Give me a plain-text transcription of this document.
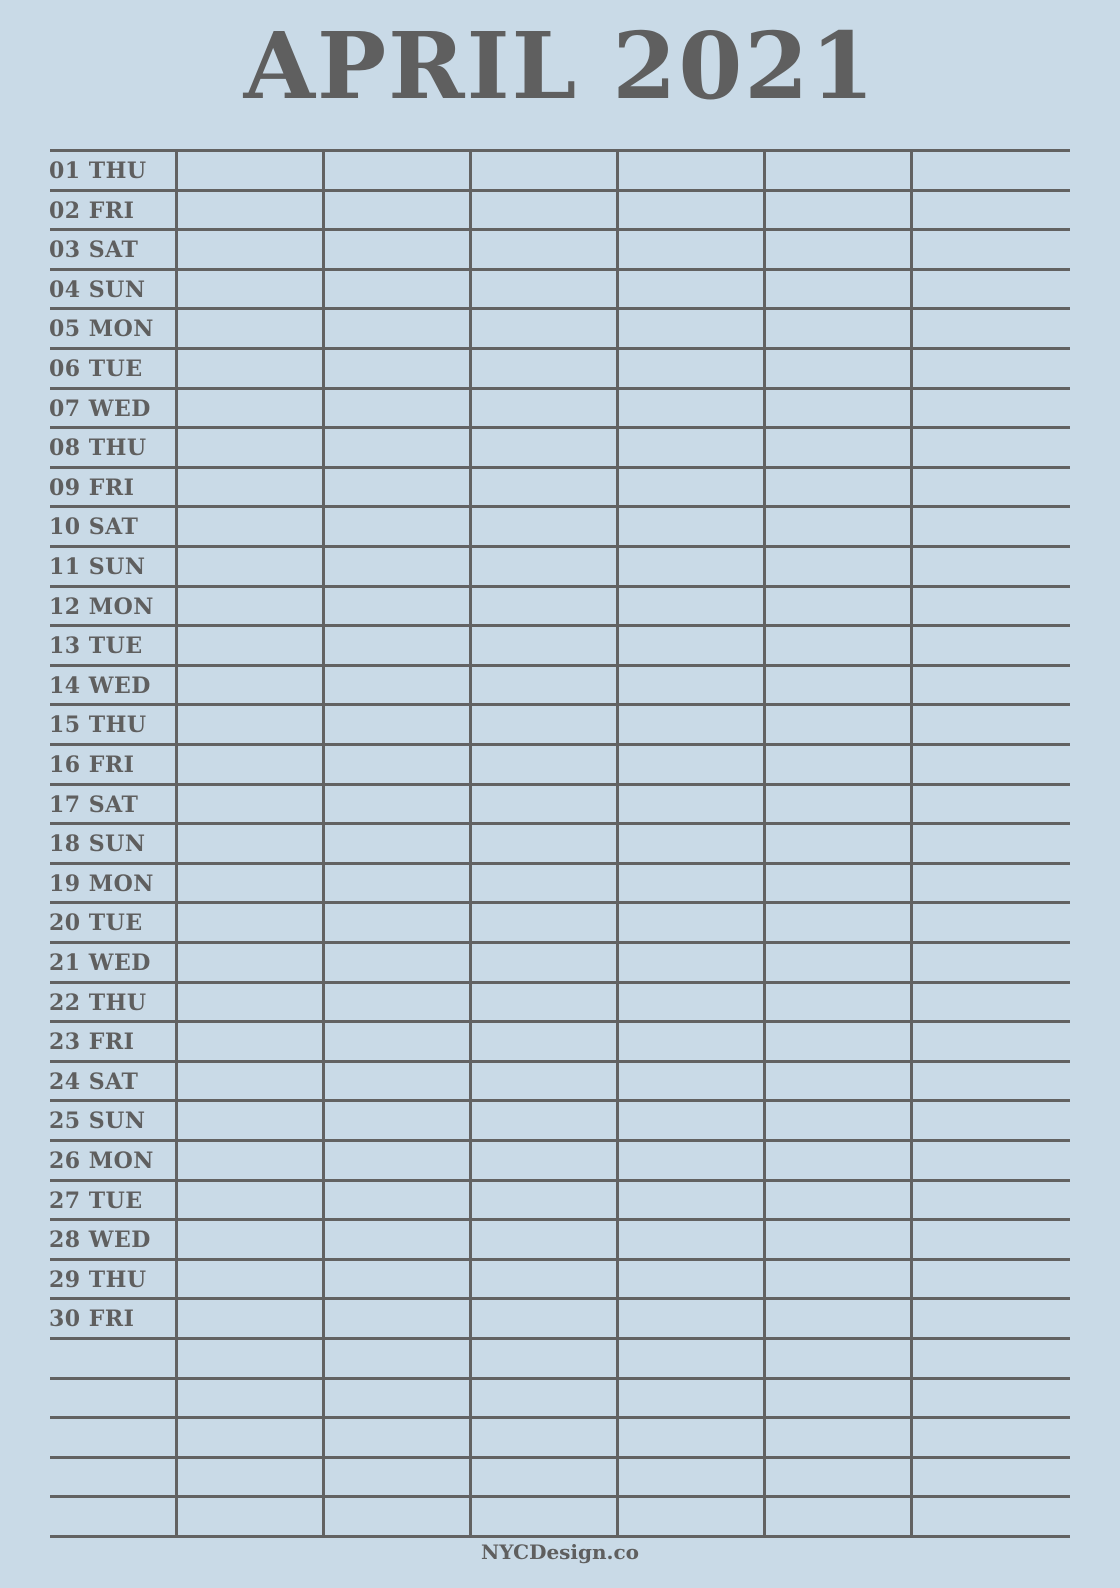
APRIL 2021
01 THU
02 FRI
03 SAT
04 SUN
05 MON
06 TUE
07 WED
08 THU
09 FRI
10 SAT
11 SUN
12 MON
13 TUE
14 WED
15 THU
16 FRI
17 SAT
18 SUN
19 MON
20 TUE
21 WED
22 THU
23 FRI
24 SAT
25 SUN
26 MON
27 TUE
28 WED
29 THU
30 FRI
NYCDesign.co
